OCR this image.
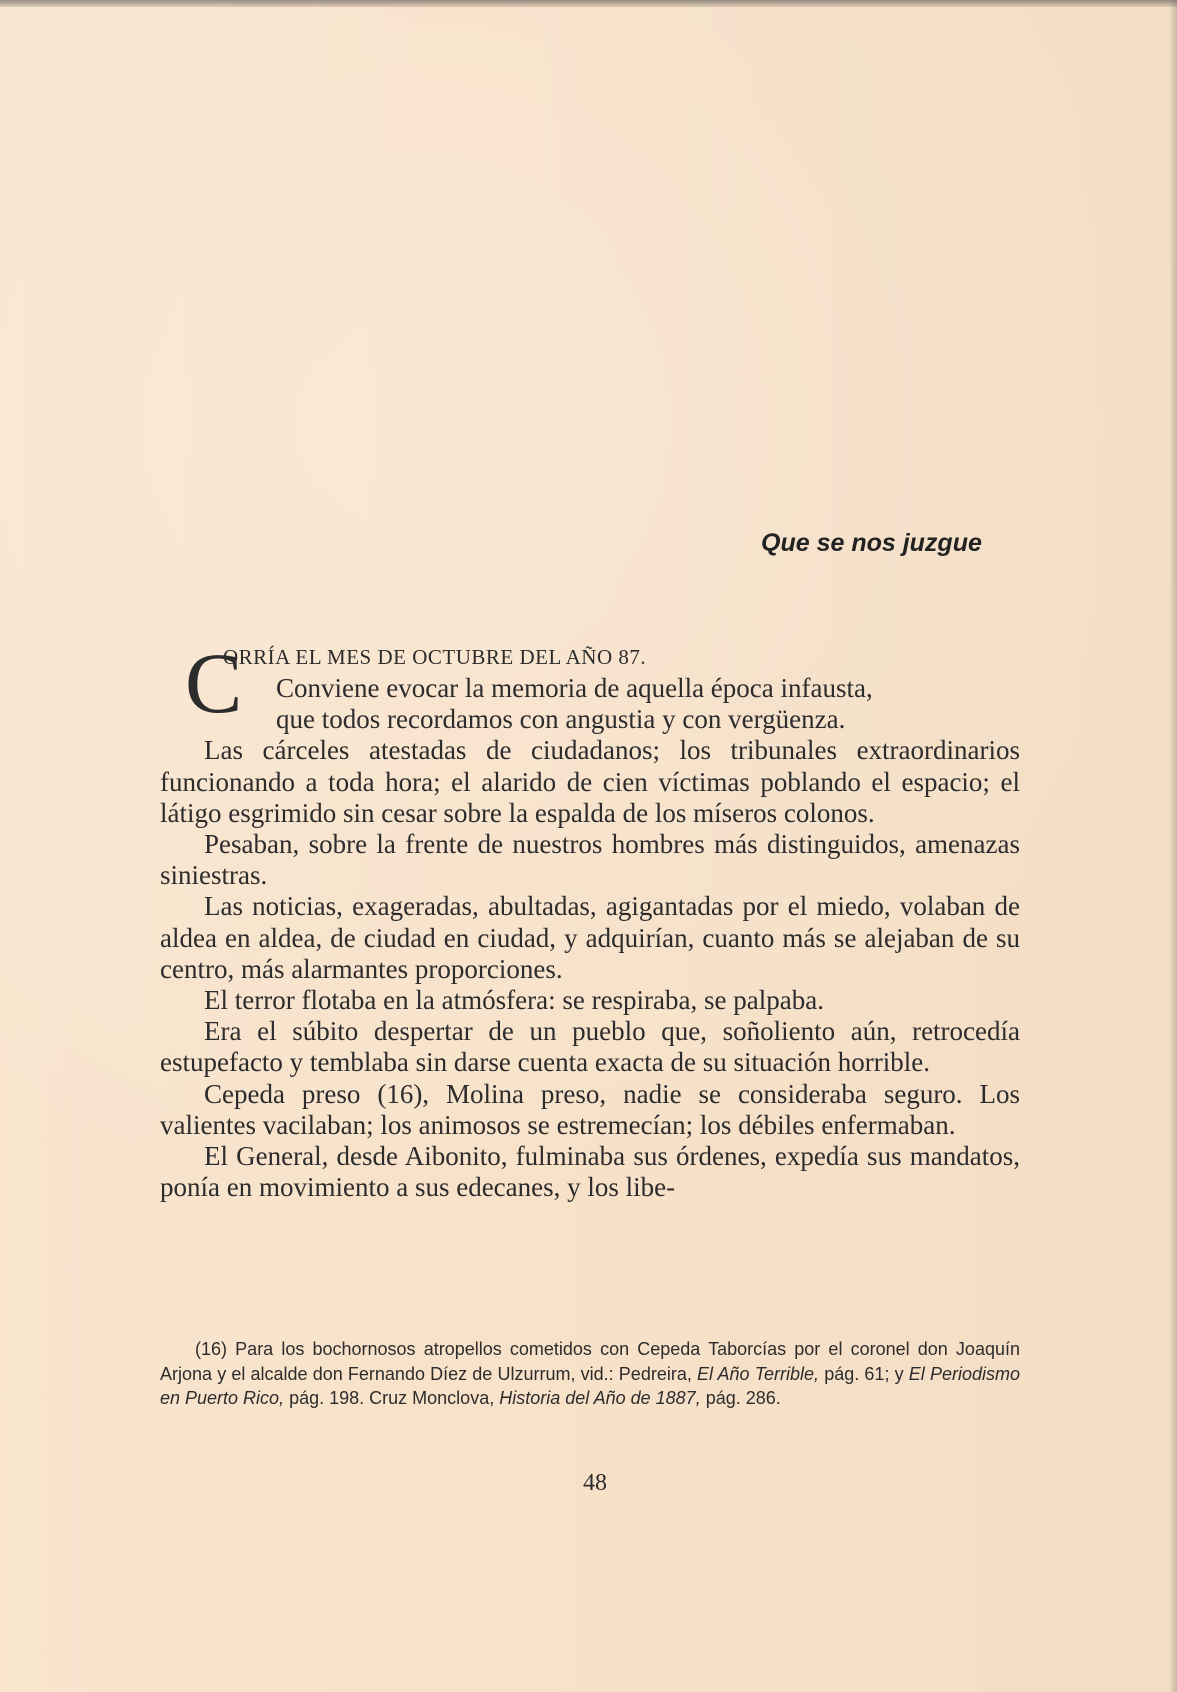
Que se nos juzgue
C
ORRÍA EL MES DE OCTUBRE DEL AÑO 87.
Conviene evocar la memoria de aquella época infausta,
que todos recordamos con angustia y con vergüenza.

Las cárceles atestadas de ciudadanos; los tribunales extraordinarios funcionando a toda hora; el alarido de cien víctimas poblando el espacio; el látigo esgrimido sin cesar sobre la espalda de los míseros colonos.

Pesaban, sobre la frente de nuestros hombres más distinguidos, amenazas siniestras.

Las noticias, exageradas, abultadas, agigantadas por el miedo, volaban de aldea en aldea, de ciudad en ciudad, y adquirían, cuanto más se alejaban de su centro, más alarmantes proporciones.

El terror flotaba en la atmósfera: se respiraba, se palpaba.

Era el súbito despertar de un pueblo que, soñoliento aún, retrocedía estupefacto y temblaba sin darse cuenta exacta de su situación horrible.

Cepeda preso (16), Molina preso, nadie se consideraba seguro. Los valientes vacilaban; los animosos se estremecían; los débiles enfermaban.

El General, desde Aibonito, fulminaba sus órdenes, expedía sus mandatos, ponía en movimiento a sus edecanes, y los libe-

(16) Para los bochornosos atropellos cometidos con Cepeda Taborcías por el coronel don Joaquín Arjona y el alcalde don Fernando Díez de Ulzurrum, vid.: Pedreira, El Año Terrible, pág. 61; y El Periodismo en Puerto Rico, pág. 198. Cruz Monclova, Historia del Año de 1887, pág. 286.
48
